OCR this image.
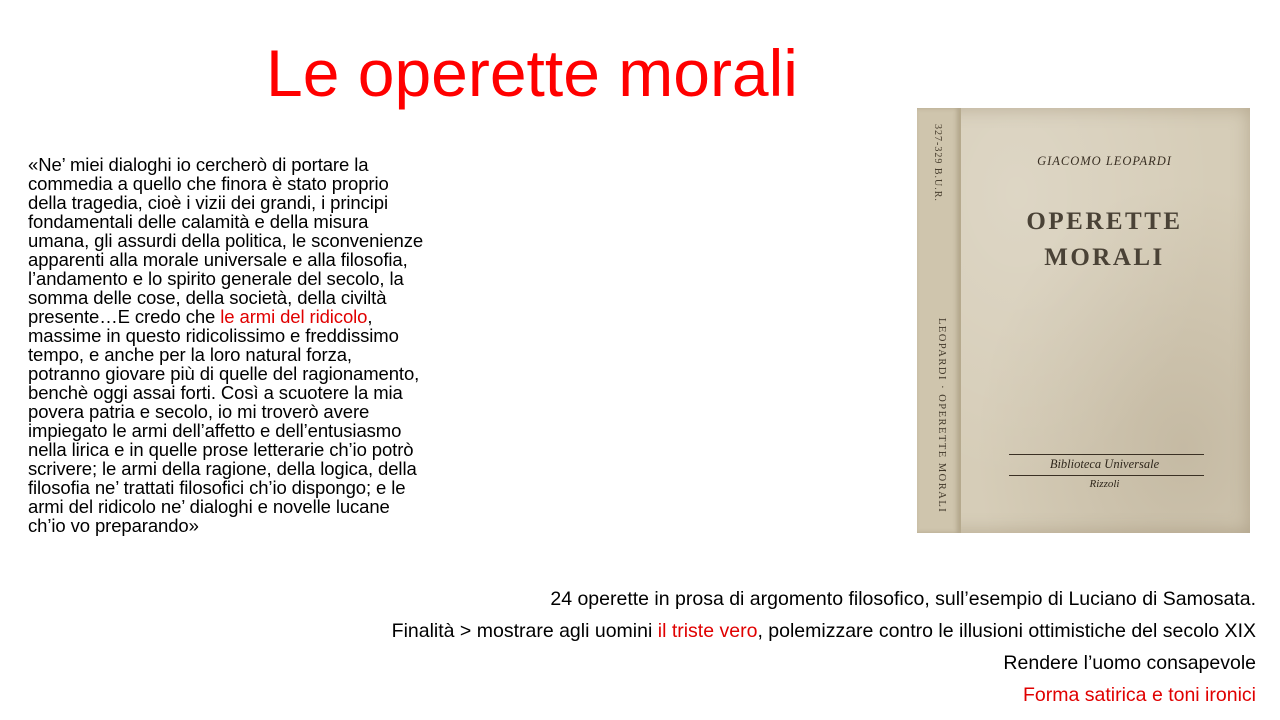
Le operette morali
«Ne’ miei dialoghi io cercherò di portare la
commedia a quello che finora è stato proprio
della tragedia, cioè i vizii dei grandi, i principi
fondamentali delle calamità e della misura
umana, gli assurdi della politica, le sconvenienze
apparenti alla morale universale e alla filosofia,
l’andamento e lo spirito generale del secolo, la
somma delle cose, della società, della civiltà
presente…E credo che le armi del ridicolo,
massime in questo ridicolissimo e freddissimo
tempo, e anche per la loro natural forza,
potranno giovare più di quelle del ragionamento,
benchè oggi assai forti. Così a scuotere la mia
povera patria e secolo, io mi troverò avere
impiegato le armi dell’affetto e dell’entusiasmo
nella lirica e in quelle prose letterarie ch’io potrò
scrivere; le armi della ragione, della logica, della
filosofia ne’ trattati filosofici ch’io dispongo; e le
armi del ridicolo ne’ dialoghi e novelle lucane
ch’io vo preparando»
327-329 B.U.R.
LEOPARDI · OPERETTE MORALI
GIACOMO LEOPARDI
OPERETTE
MORALI
Biblioteca Universale
Rizzoli
24 operette in prosa di argomento filosofico, sull’esempio di Luciano di Samosata.
Finalità > mostrare agli uomini il triste vero, polemizzare contro le illusioni ottimistiche del secolo XIX
Rendere l’uomo consapevole
Forma satirica e toni ironici
